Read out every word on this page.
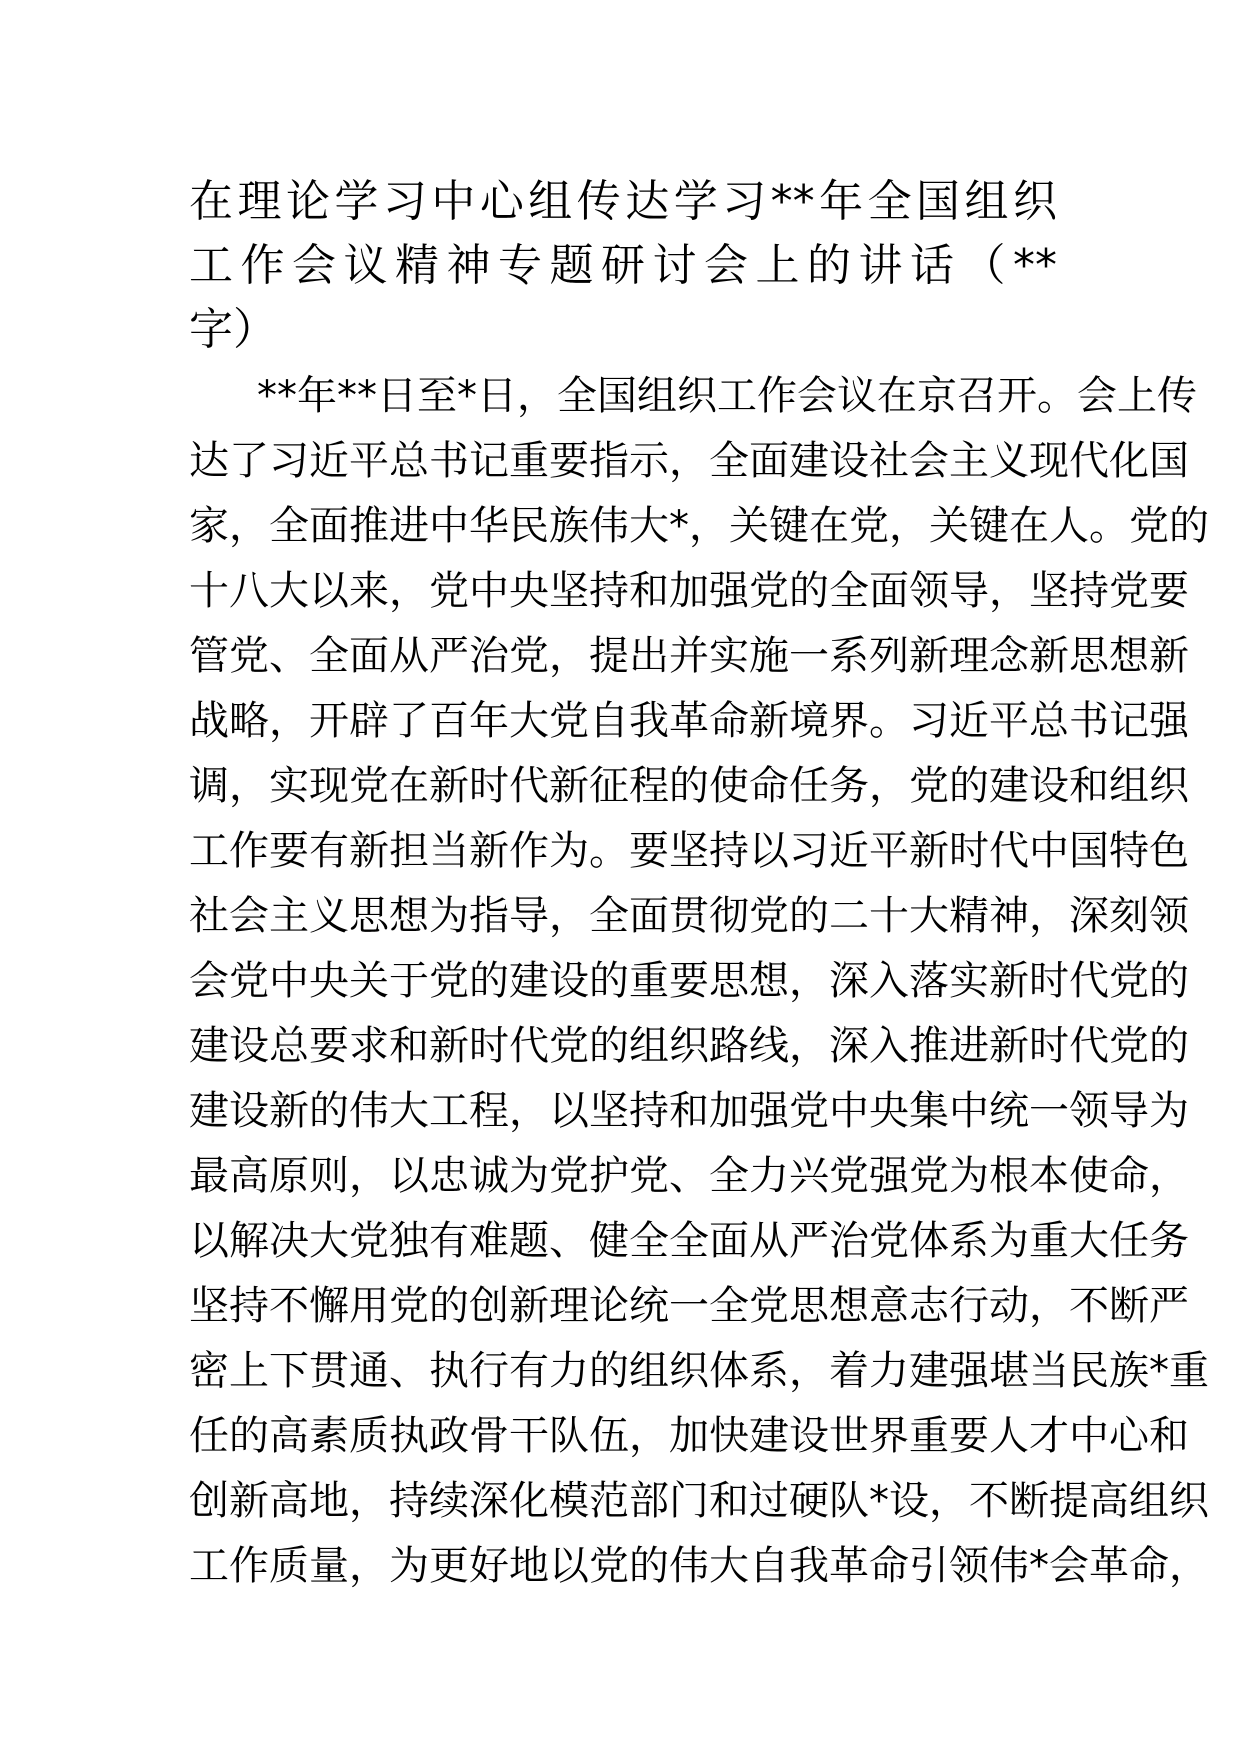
在理论学习中心组传达学习**年全国组织
工作会议精神专题研讨会上的讲话（**
字）
**年**日至*日，全国组织工作会议在京召开。会上传
达了习近平总书记重要指示，全面建设社会主义现代化国
家，全面推进中华民族伟大*，关键在党，关键在人。党的
十八大以来，党中央坚持和加强党的全面领导，坚持党要
管党、全面从严治党，提出并实施一系列新理念新思想新
战略，开辟了百年大党自我革命新境界。习近平总书记强
调，实现党在新时代新征程的使命任务，党的建设和组织
工作要有新担当新作为。要坚持以习近平新时代中国特色
社会主义思想为指导，全面贯彻党的二十大精神，深刻领
会党中央关于党的建设的重要思想，深入落实新时代党的
建设总要求和新时代党的组织路线，深入推进新时代党的
建设新的伟大工程，以坚持和加强党中央集中统一领导为
最高原则，以忠诚为党护党、全力兴党强党为根本使命，
以解决大党独有难题、健全全面从严治党体系为重大任务
坚持不懈用党的创新理论统一全党思想意志行动，不断严
密上下贯通、执行有力的组织体系，着力建强堪当民族*重
任的高素质执政骨干队伍，加快建设世界重要人才中心和
创新高地，持续深化模范部门和过硬队*设，不断提高组织
工作质量，为更好地以党的伟大自我革命引领伟*会革命，
